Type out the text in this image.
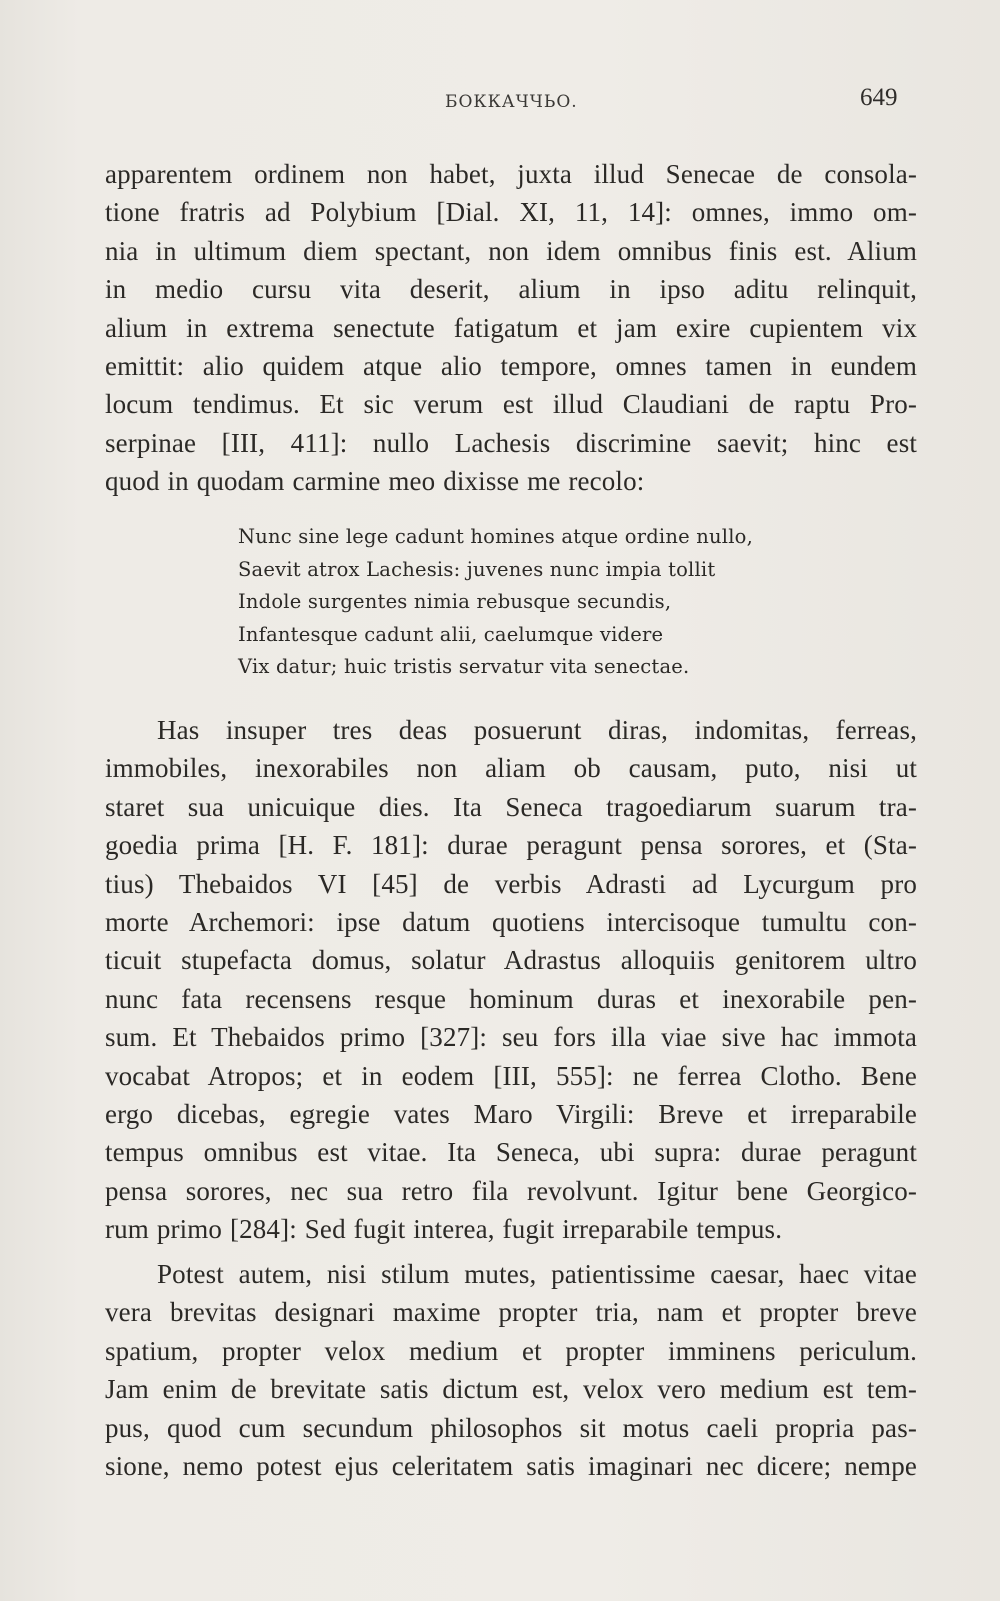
БОККАЧЧЬО.	649
apparentem ordinem non habet, juxta illud Senecae de consola-
tione fratris ad Polybium [Dial. XI, 11, 14]: omnes, immo om-
nia in ultimum diem spectant, non idem omnibus finis est. Alium
in medio cursu vita deserit, alium in ipso aditu relinquit,
alium in extrema senectute fatigatum et jam exire cupientem vix
emittit: alio quidem atque alio tempore, omnes tamen in eundem
locum tendimus. Et sic verum est illud Claudiani de raptu Pro-
serpinae [III, 411]: nullo Lachesis discrimine saevit; hinc est
quod in quodam carmine meo dixisse me recolo:
Nunc sine lege cadunt homines atque ordine nullo,
Saevit atrox Lachesis: juvenes nunc impia tollit
Indole surgentes nimia rebusque secundis,
Infantesque cadunt alii, caelumque videre
Vix datur; huic tristis servatur vita senectae.
Has insuper tres deas posuerunt diras, indomitas, ferreas,
immobiles, inexorabiles non aliam ob causam, puto, nisi ut
staret sua unicuique dies. Ita Seneca tragoediarum suarum tra-
goedia prima [H. F. 181]: durae peragunt pensa sorores, et (Sta-
tius) Thebaidos VI [45] de verbis Adrasti ad Lycurgum pro
morte Archemori: ipse datum quotiens intercisoque tumultu con-
ticuit stupefacta domus, solatur Adrastus alloquiis genitorem ultro
nunc fata recensens resque hominum duras et inexorabile pen-
sum. Et Thebaidos primo [327]: seu fors illa viae sive hac immota
vocabat Atropos; et in eodem [III, 555]: ne ferrea Clotho. Bene
ergo dicebas, egregie vates Maro Virgili: Breve et irreparabile
tempus omnibus est vitae. Ita Seneca, ubi supra: durae peragunt
pensa sorores, nec sua retro fila revolvunt. Igitur bene Georgico-
rum primo [284]: Sed fugit interea, fugit irreparabile tempus.
Potest autem, nisi stilum mutes, patientissime caesar, haec vitae
vera brevitas designari maxime propter tria, nam et propter breve
spatium, propter velox medium et propter imminens periculum.
Jam enim de brevitate satis dictum est, velox vero medium est tem-
pus, quod cum secundum philosophos sit motus caeli propria pas-
sione, nemo potest ejus celeritatem satis imaginari nec dicere; nempe
